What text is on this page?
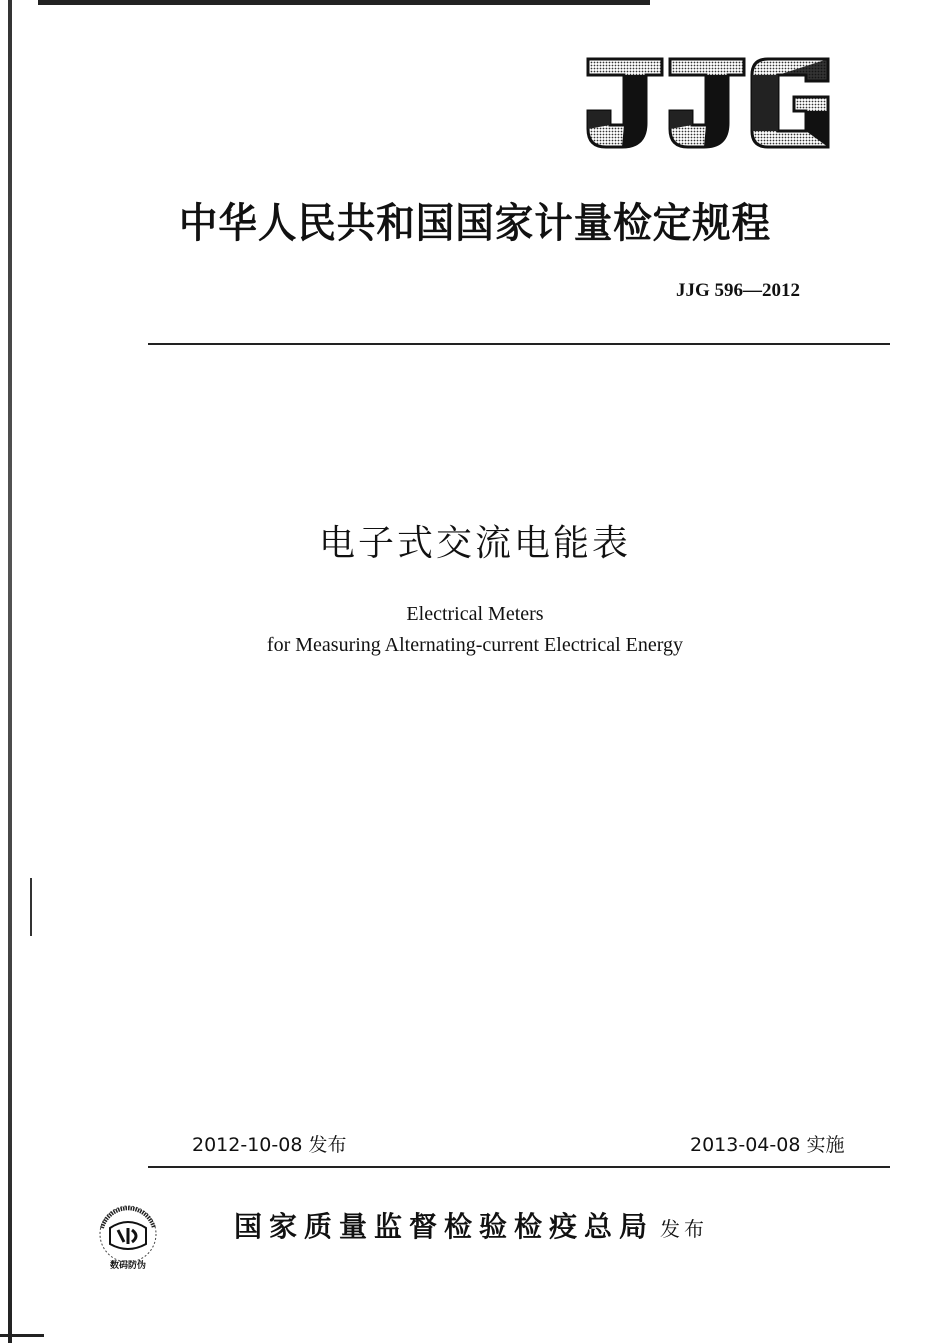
中华人民共和国国家计量检定规程
JJG 596—2012
电子式交流电能表
Electrical Meters
for Measuring Alternating-current Electrical Energy
2012-10-08 发布	2013-04-08 实施
数码防伪
国家质量监督检验检疫总局 发布
